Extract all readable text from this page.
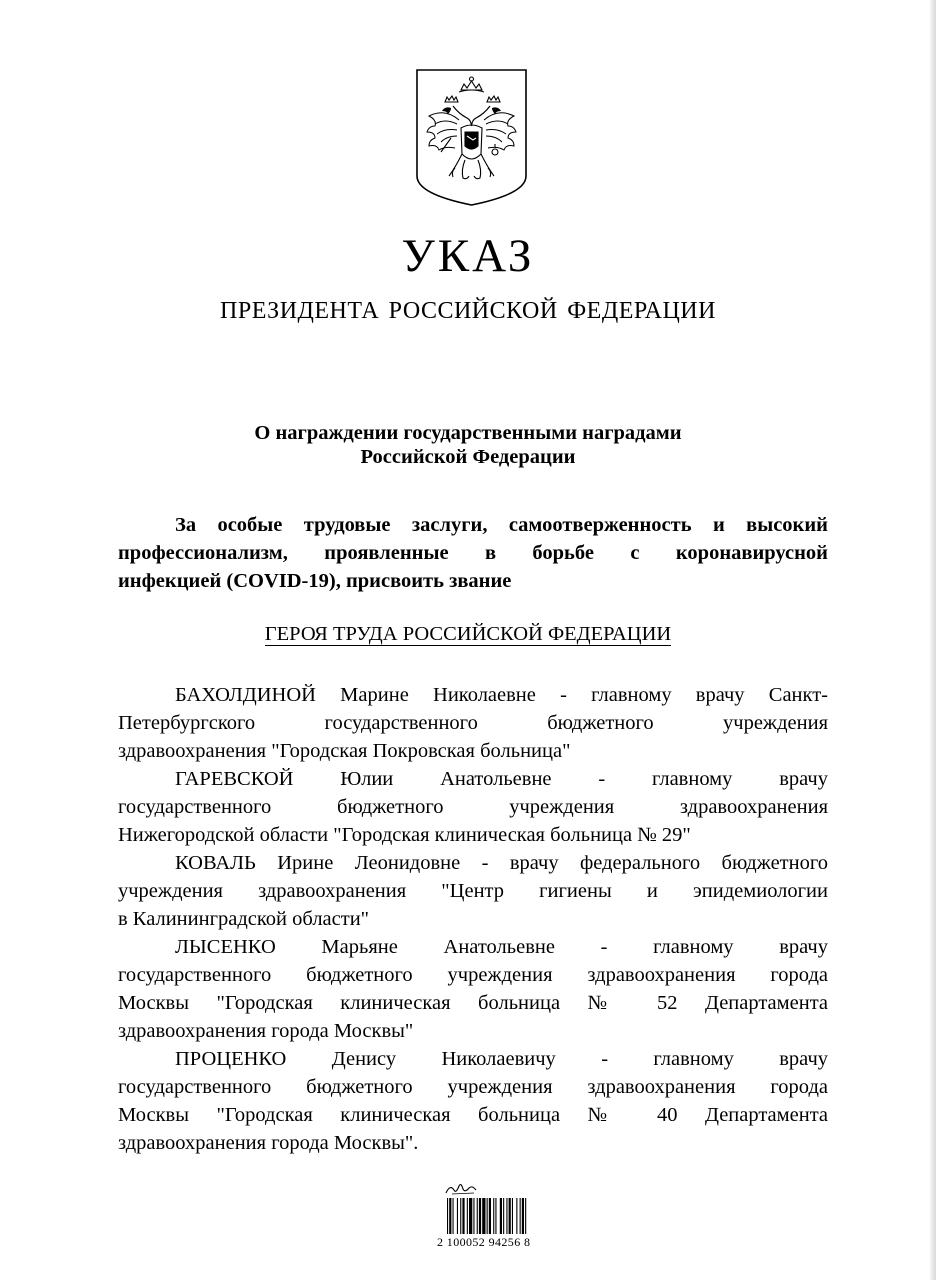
УКАЗ
ПРЕЗИДЕНТА РОССИЙСКОЙ ФЕДЕРАЦИИ
О награждении государственными наградами
Российской Федерации
За особые трудовые заслуги, самоотверженность и высокий
профессионализм, проявленные в борьбе с коронавирусной
инфекцией (COVID-19), присвоить звание
ГЕРОЯ ТРУДА РОССИЙСКОЙ ФЕДЕРАЦИИ
БАХОЛДИНОЙ Марине Николаевне - главному врачу Санкт-
Петербургского государственного бюджетного учреждения
здравоохранения "Городская Покровская больница"
ГАРЕВСКОЙ Юлии Анатольевне - главному врачу
государственного бюджетного учреждения здравоохранения
Нижегородской области "Городская клиническая больница № 29"
КОВАЛЬ Ирине Леонидовне - врачу федерального бюджетного
учреждения здравоохранения "Центр гигиены и эпидемиологии
в Калининградской области"
ЛЫСЕНКО Марьяне Анатольевне - главному врачу
государственного бюджетного учреждения здравоохранения города
Москвы "Городская клиническая больница № 52 Департамента
здравоохранения города Москвы"
ПРОЦЕНКО Денису Николаевичу - главному врачу
государственного бюджетного учреждения здравоохранения города
Москвы "Городская клиническая больница № 40 Департамента
здравоохранения города Москвы".
2 100052 94256 8
